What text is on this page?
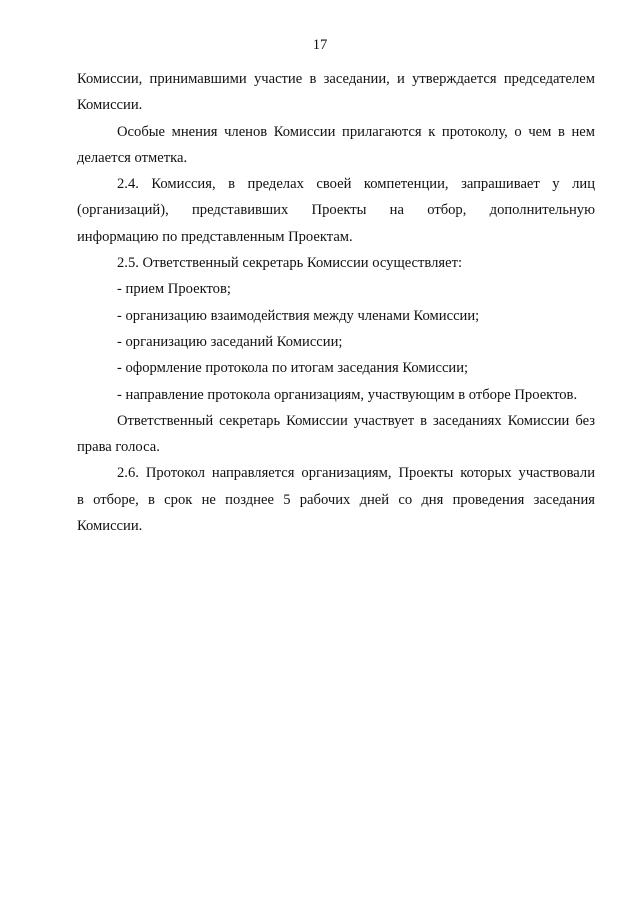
17

Комиссии, принимавшими участие в заседании, и утверждается председателем

Комиссии.

Особые мнения членов Комиссии прилагаются к протоколу, о чем в нем

делается отметка.

2.4. Комиссия, в пределах своей компетенции, запрашивает у лиц

(организаций), представивших Проекты на отбор, дополнительную

информацию по представленным Проектам.

2.5. Ответственный секретарь Комиссии осуществляет:

- прием Проектов;

- организацию взаимодействия между членами Комиссии;

- организацию заседаний Комиссии;

- оформление протокола по итогам заседания Комиссии;

- направление протокола организациям, участвующим в отборе Проектов.

Ответственный секретарь Комиссии участвует в заседаниях Комиссии без

права голоса.

2.6. Протокол направляется организациям, Проекты которых участвовали

в отборе, в срок не позднее 5 рабочих дней со дня проведения заседания

Комиссии.
